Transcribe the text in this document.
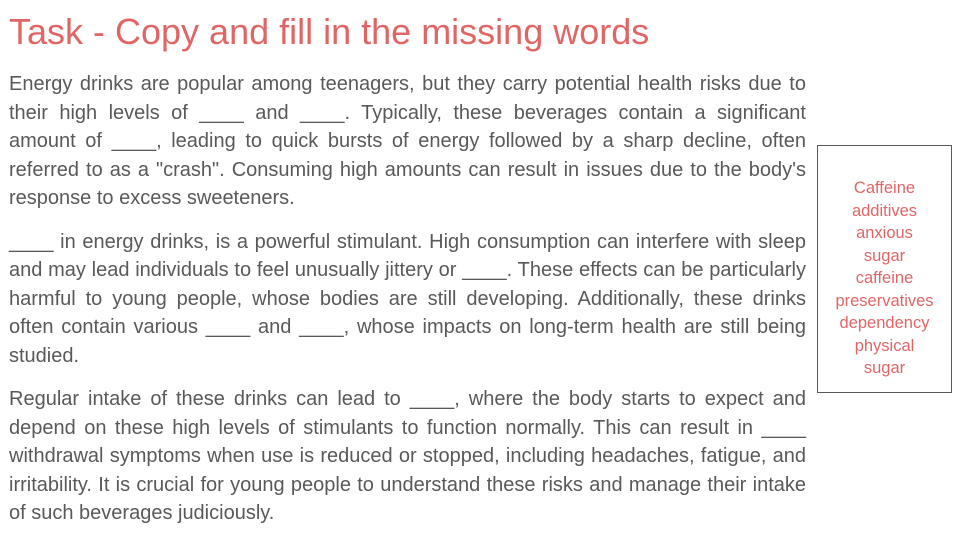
Task - Copy and fill in the missing words

Energy drinks are popular among teenagers, but they carry potential health risks due to their high levels of ____ and ____. Typically, these beverages contain a significant amount of ____, leading to quick bursts of energy followed by a sharp decline, often referred to as a "crash". Consuming high amounts can result in issues due to the body's response to excess sweeteners.

____ in energy drinks, is a powerful stimulant. High consumption can interfere with sleep and may lead individuals to feel unusually jittery or ____. These effects can be particularly harmful to young people, whose bodies are still developing. Additionally, these drinks often contain various ____ and ____, whose impacts on long-term health are still being studied.

Regular intake of these drinks can lead to ____, where the body starts to expect and depend on these high levels of stimulants to function normally. This can result in ____ withdrawal symptoms when use is reduced or stopped, including headaches, fatigue, and irritability. It is crucial for young people to understand these risks and manage their intake of such beverages judiciously.

Caffeine
additives
anxious
sugar
caffeine
preservatives
dependency
physical
sugar
